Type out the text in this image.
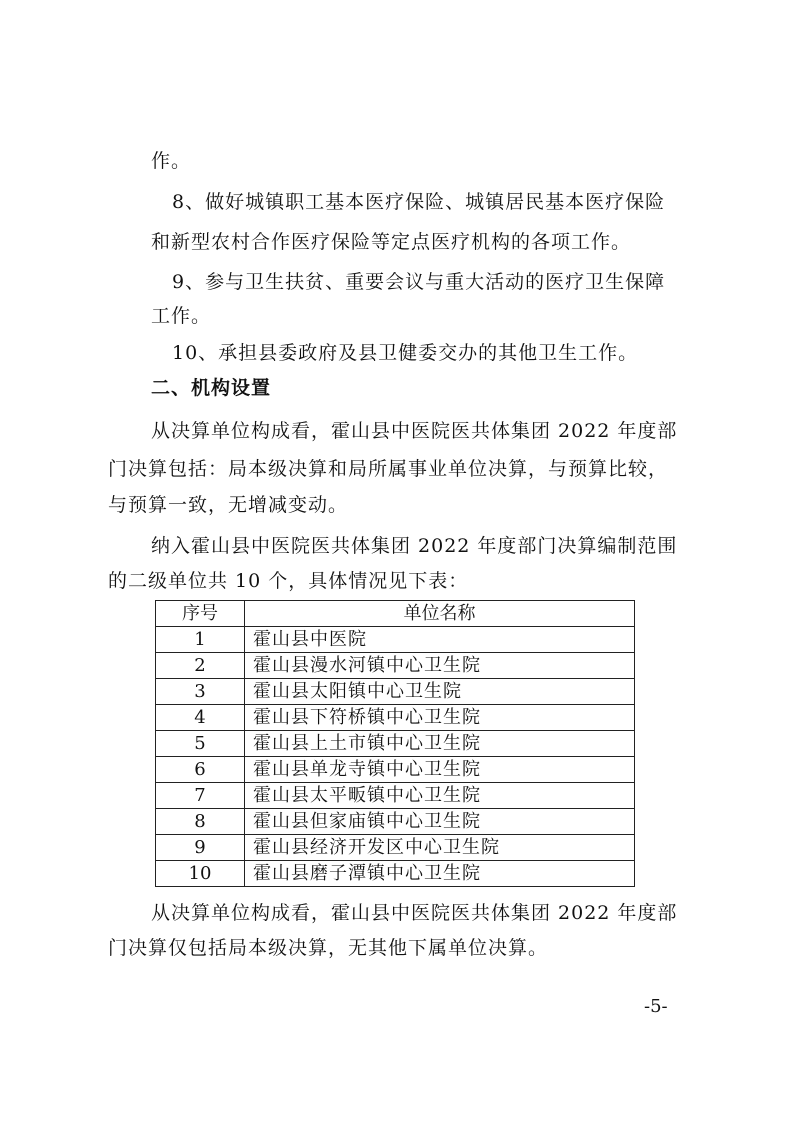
作。

8、做好城镇职工基本医疗保险、城镇居民基本医疗保险

和新型农村合作医疗保险等定点医疗机构的各项工作。

9、参与卫生扶贫、重要会议与重大活动的医疗卫生保障

工作。

10、承担县委政府及县卫健委交办的其他卫生工作。

二、机构设置

从决算单位构成看，霍山县中医院医共体集团 2022 年度部

门决算包括：局本级决算和局所属事业单位决算，与预算比较，

与预算一致，无增减变动。

纳入霍山县中医院医共体集团 2022 年度部门决算编制范围

的二级单位共 10 个，具体情况见下表：

序号	单位名称
1	霍山县中医院
2	霍山县漫水河镇中心卫生院
3	霍山县太阳镇中心卫生院
4	霍山县下符桥镇中心卫生院
5	霍山县上土市镇中心卫生院
6	霍山县单龙寺镇中心卫生院
7	霍山县太平畈镇中心卫生院
8	霍山县但家庙镇中心卫生院
9	霍山县经济开发区中心卫生院
10	霍山县磨子潭镇中心卫生院

从决算单位构成看，霍山县中医院医共体集团 2022 年度部

门决算仅包括局本级决算，无其他下属单位决算。

-5-
